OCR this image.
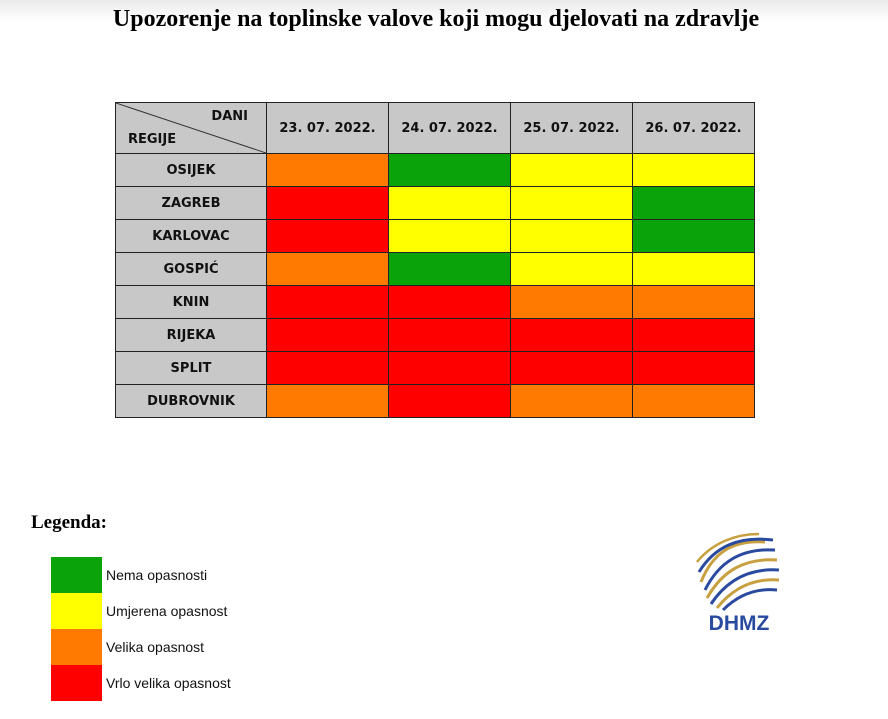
Upozorenje na toplinske valove koji mogu djelovati na zdravlje
DANI
REGIJE	23. 07. 2022.	24. 07. 2022.	25. 07. 2022.	26. 07. 2022.
OSIJEK				
ZAGREB				
KARLOVAC				
GOSPIĆ				
KNIN				
RIJEKA				
SPLIT				
DUBROVNIK				
Legenda:
Nema opasnosti
Umjerena opasnost
Velika opasnost
Vrlo velika opasnost
DHMZ
